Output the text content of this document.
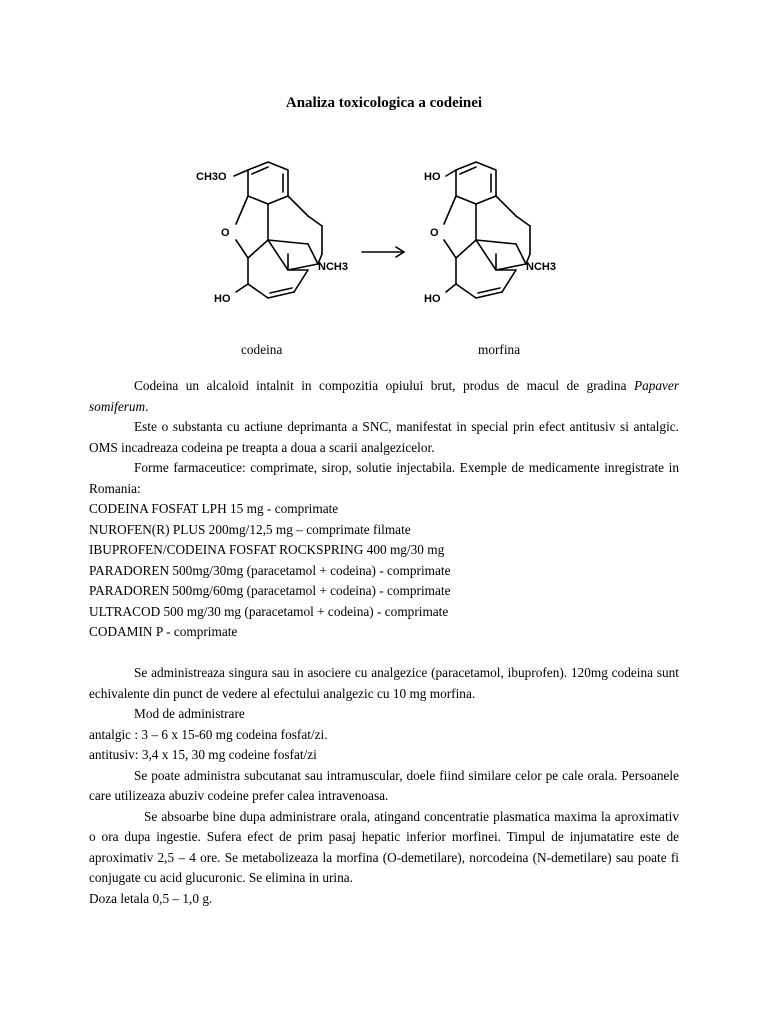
Analiza toxicologica a codeinei
CH3O
O
NCH3
HO
HO
O
NCH3
HO
codeina	morfina

Codeina un alcaloid intalnit in compozitia opiului brut, produs de macul de gradina Papaver somiferum.

Este o substanta cu actiune deprimanta a SNC, manifestat in special prin efect antitusiv si antalgic. OMS incadreaza codeina pe treapta a doua a scarii analgezicelor.

Forme farmaceutice: comprimate, sirop, solutie injectabila. Exemple de medicamente inregistrate in Romania:

CODEINA FOSFAT LPH 15 mg - comprimate

NUROFEN(R) PLUS 200mg/12,5 mg – comprimate filmate

IBUPROFEN/CODEINA FOSFAT ROCKSPRING 400 mg/30 mg

PARADOREN 500mg/30mg (paracetamol + codeina) - comprimate

PARADOREN 500mg/60mg (paracetamol + codeina) - comprimate

ULTRACOD 500 mg/30 mg (paracetamol + codeina) - comprimate

CODAMIN P - comprimate

Se administreaza singura sau in asociere cu analgezice (paracetamol, ibuprofen). 120mg codeina sunt echivalente din punct de vedere al efectului analgezic cu 10 mg morfina.

Mod de administrare

antalgic : 3 – 6 x 15-60 mg codeina fosfat/zi.

antitusiv: 3,4 x 15, 30 mg codeine fosfat/zi

Se poate administra subcutanat sau intramuscular, doele fiind similare celor pe cale orala. Persoanele care utilizeaza abuziv codeine prefer calea intravenoasa.

Se absoarbe bine dupa administrare orala, atingand concentratie plasmatica maxima la aproximativ o ora dupa ingestie. Sufera efect de prim pasaj hepatic inferior morfinei. Timpul de injumatatire este de aproximativ 2,5 – 4 ore. Se metabolizeaza la morfina (O-demetilare), norcodeina (N-demetilare) sau poate fi conjugate cu acid glucuronic. Se elimina in urina.

Doza letala 0,5 – 1,0 g.
